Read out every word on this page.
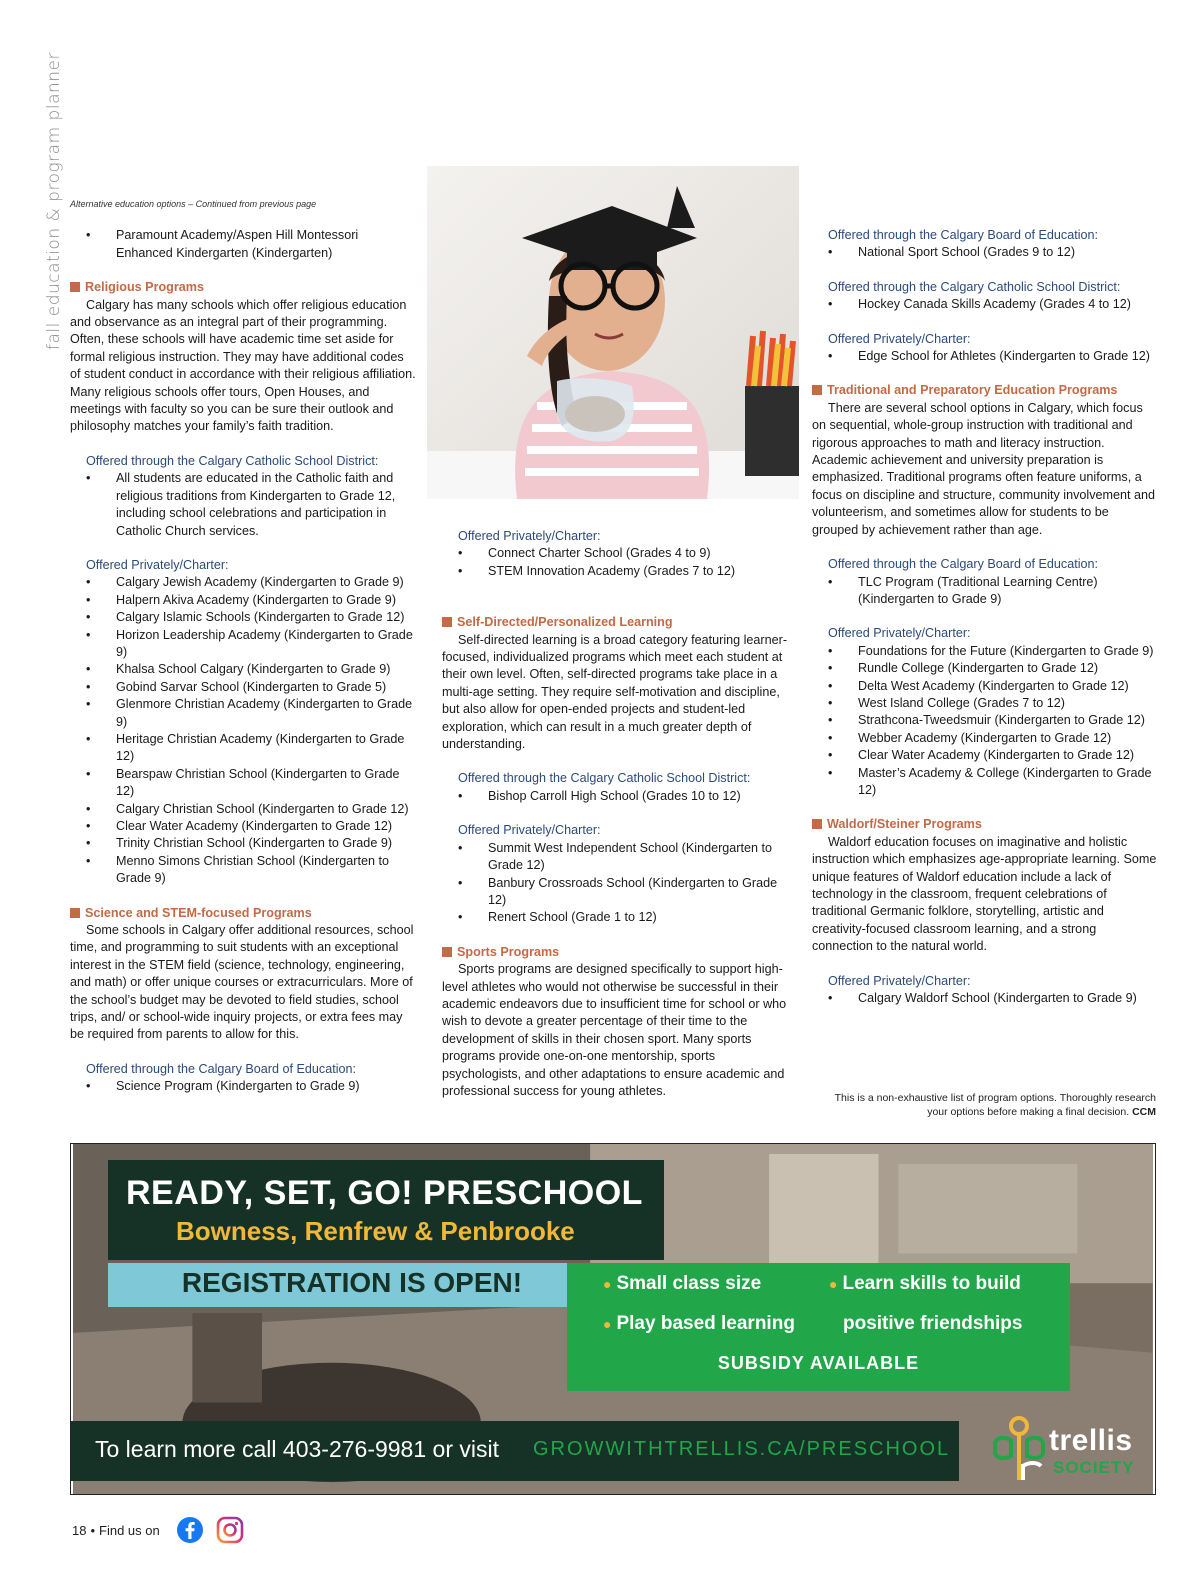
fall education & program planner Alternative education options – Continued from previous page
• Paramount Academy/Aspen Hill Montessori Enhanced Kindergarten (Kindergarten)
Religious Programs
Calgary has many schools which offer religious education and observance as an integral part of their programming. Often, these schools will have academic time set aside for formal religious instruction. They may have additional codes of student conduct in accordance with their religious affiliation. Many religious schools offer tours, Open Houses, and meetings with faculty so you can be sure their outlook and philosophy matches your family’s faith tradition.
Offered through the Calgary Catholic School District:
• All students are educated in the Catholic faith and religious traditions from Kindergarten to Grade 12, including school celebrations and participation in Catholic Church services.
Offered Privately/Charter:
• Calgary Jewish Academy (Kindergarten to Grade 9)
• Halpern Akiva Academy (Kindergarten to Grade 9)
• Calgary Islamic Schools (Kindergarten to Grade 12)
• Horizon Leadership Academy (Kindergarten to Grade 9)
• Khalsa School Calgary (Kindergarten to Grade 9)
• Gobind Sarvar School (Kindergarten to Grade 5)
• Glenmore Christian Academy (Kindergarten to Grade 9)
• Heritage Christian Academy (Kindergarten to Grade 12)
• Bearspaw Christian School (Kindergarten to Grade 12)
• Calgary Christian School (Kindergarten to Grade 12)
• Clear Water Academy (Kindergarten to Grade 12)
• Trinity Christian School (Kindergarten to Grade 9)
• Menno Simons Christian School (Kindergarten to Grade 9)
Science and STEM-focused Programs
Some schools in Calgary offer additional resources, school time, and programming to suit students with an exceptional interest in the STEM field (science, technology, engineering, and math) or offer unique courses or extracurriculars. More of the school’s budget may be devoted to field studies, school trips, and/ or school-wide inquiry projects, or extra fees may be required from parents to allow for this.
Offered through the Calgary Board of Education:
• Science Program (Kindergarten to Grade 9)
Offered Privately/Charter:
• Connect Charter School (Grades 4 to 9)
• STEM Innovation Academy (Grades 7 to 12)
Self-Directed/Personalized Learning
Self-directed learning is a broad category featuring learner-focused, individualized programs which meet each student at their own level. Often, self-directed programs take place in a multi-age setting. They require self-motivation and discipline, but also allow for open-ended projects and student-led exploration, which can result in a much greater depth of understanding.
Offered through the Calgary Catholic School District:
• Bishop Carroll High School (Grades 10 to 12)
Offered Privately/Charter:
• Summit West Independent School (Kindergarten to Grade 12)
• Banbury Crossroads School (Kindergarten to Grade 12)
• Renert School (Grade 1 to 12)
Sports Programs
Sports programs are designed specifically to support high-level athletes who would not otherwise be successful in their academic endeavors due to insufficient time for school or who wish to devote a greater percentage of their time to the development of skills in their chosen sport. Many sports programs provide one-on-one mentorship, sports psychologists, and other adaptations to ensure academic and professional success for young athletes.
Offered through the Calgary Board of Education:
• National Sport School (Grades 9 to 12)
Offered through the Calgary Catholic School District:
• Hockey Canada Skills Academy (Grades 4 to 12)
Offered Privately/Charter:
• Edge School for Athletes (Kindergarten to Grade 12)
Traditional and Preparatory Education Programs
There are several school options in Calgary, which focus on sequential, whole-group instruction with traditional and rigorous approaches to math and literacy instruction. Academic achievement and university preparation is emphasized. Traditional programs often feature uniforms, a focus on discipline and structure, community involvement and volunteerism, and sometimes allow for students to be grouped by achievement rather than age.
Offered through the Calgary Board of Education:
• TLC Program (Traditional Learning Centre) (Kindergarten to Grade 9)
Offered Privately/Charter:
• Foundations for the Future (Kindergarten to Grade 9)
• Rundle College (Kindergarten to Grade 12)
• Delta West Academy (Kindergarten to Grade 12)
• West Island College (Grades 7 to 12)
• Strathcona-Tweedsmuir (Kindergarten to Grade 12)
• Webber Academy (Kindergarten to Grade 12)
• Clear Water Academy (Kindergarten to Grade 12)
• Master’s Academy & College (Kindergarten to Grade 12)
Waldorf/Steiner Programs
Waldorf education focuses on imaginative and holistic instruction which emphasizes age-appropriate learning. Some unique features of Waldorf education include a lack of technology in the classroom, frequent celebrations of traditional Germanic folklore, storytelling, artistic and creativity-focused classroom learning, and a strong connection to the natural world.
Offered Privately/Charter:
• Calgary Waldorf School (Kindergarten to Grade 9)
This is a non-exhaustive list of program options. Thoroughly research your options before making a final decision. CCM
READY, SET, GO! PRESCHOOL
Bowness, Renfrew & Penbrooke
REGISTRATION IS OPEN!	● Small class size	● Learn skills to build
● Play based learning	positive friendships
SUBSIDY AVAILABLE
To learn more call 403-276-9981 or visit GROWWITHTRELLIS.CA/PRESCHOOL	trellis
SOCIETY
18 • Find us on
